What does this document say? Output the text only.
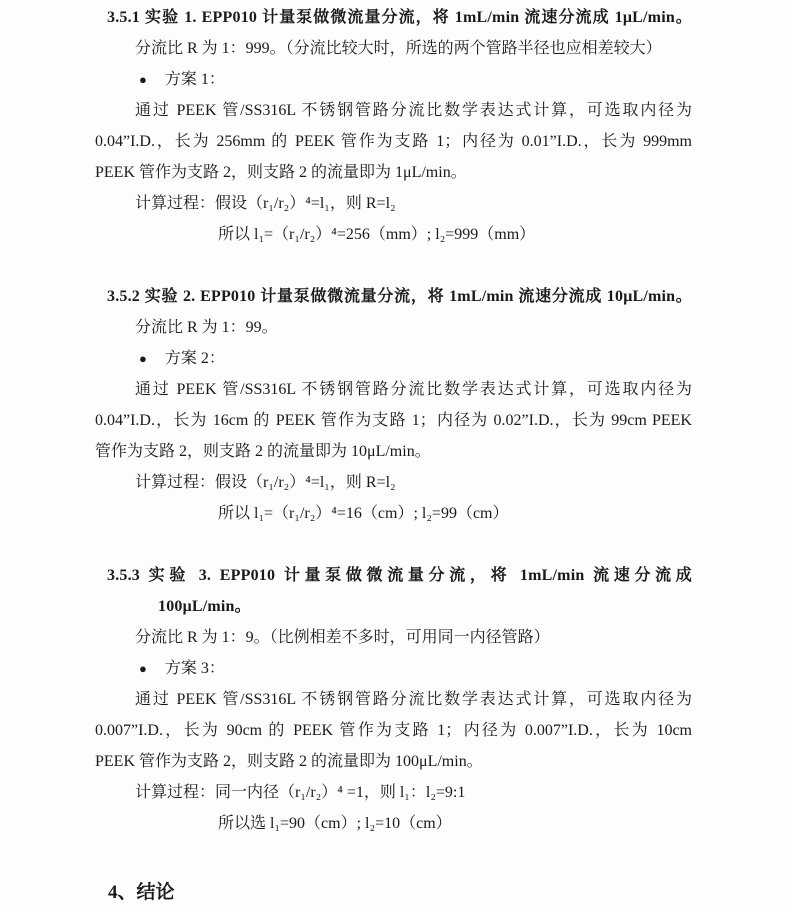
3.5.1 实验 1. EPP010 计量泵做微流量分流，将 1mL/min 流速分流成 1μL/min。
分流比 R 为 1：999。（分流比较大时，所选的两个管路半径也应相差较大）
● 方案 1：
通过 PEEK 管/SS316L 不锈钢管路分流比数学表达式计算，可选取内径为
0.04”I.D.，长为 256mm 的 PEEK 管作为支路 1；内径为 0.01”I.D.，长为 999mm
PEEK 管作为支路 2，则支路 2 的流量即为 1μL/min。
计算过程：假设（r₁/r₂）⁴=l₁，则 R=l₂
所以 l₁=（r₁/r₂）⁴=256（mm）; l₂=999（mm）
3.5.2 实验 2. EPP010 计量泵做微流量分流，将 1mL/min 流速分流成 10μL/min。
分流比 R 为 1：99。
● 方案 2：
通过 PEEK 管/SS316L 不锈钢管路分流比数学表达式计算，可选取内径为
0.04”I.D.，长为 16cm 的 PEEK 管作为支路 1；内径为 0.02”I.D.，长为 99cm PEEK
管作为支路 2，则支路 2 的流量即为 10μL/min。
计算过程：假设（r₁/r₂）⁴=l₁，则 R=l₂
所以 l₁=（r₁/r₂）⁴=16（cm）; l₂=99（cm）
3.5.3 实验 3. EPP010 计量泵做微流量分流，将 1mL/min 流速分流成
100μL/min。
分流比 R 为 1：9。（比例相差不多时，可用同一内径管路）
● 方案 3：
通过 PEEK 管/SS316L 不锈钢管路分流比数学表达式计算，可选取内径为
0.007”I.D.，长为 90cm 的 PEEK 管作为支路 1；内径为 0.007”I.D.，长为 10cm
PEEK 管作为支路 2，则支路 2 的流量即为 100μL/min。
计算过程：同一内径（r₁/r₂）⁴ =1，则 l₁：l₂=9:1
所以选 l₁=90（cm）; l₂=10（cm）
4、结论
